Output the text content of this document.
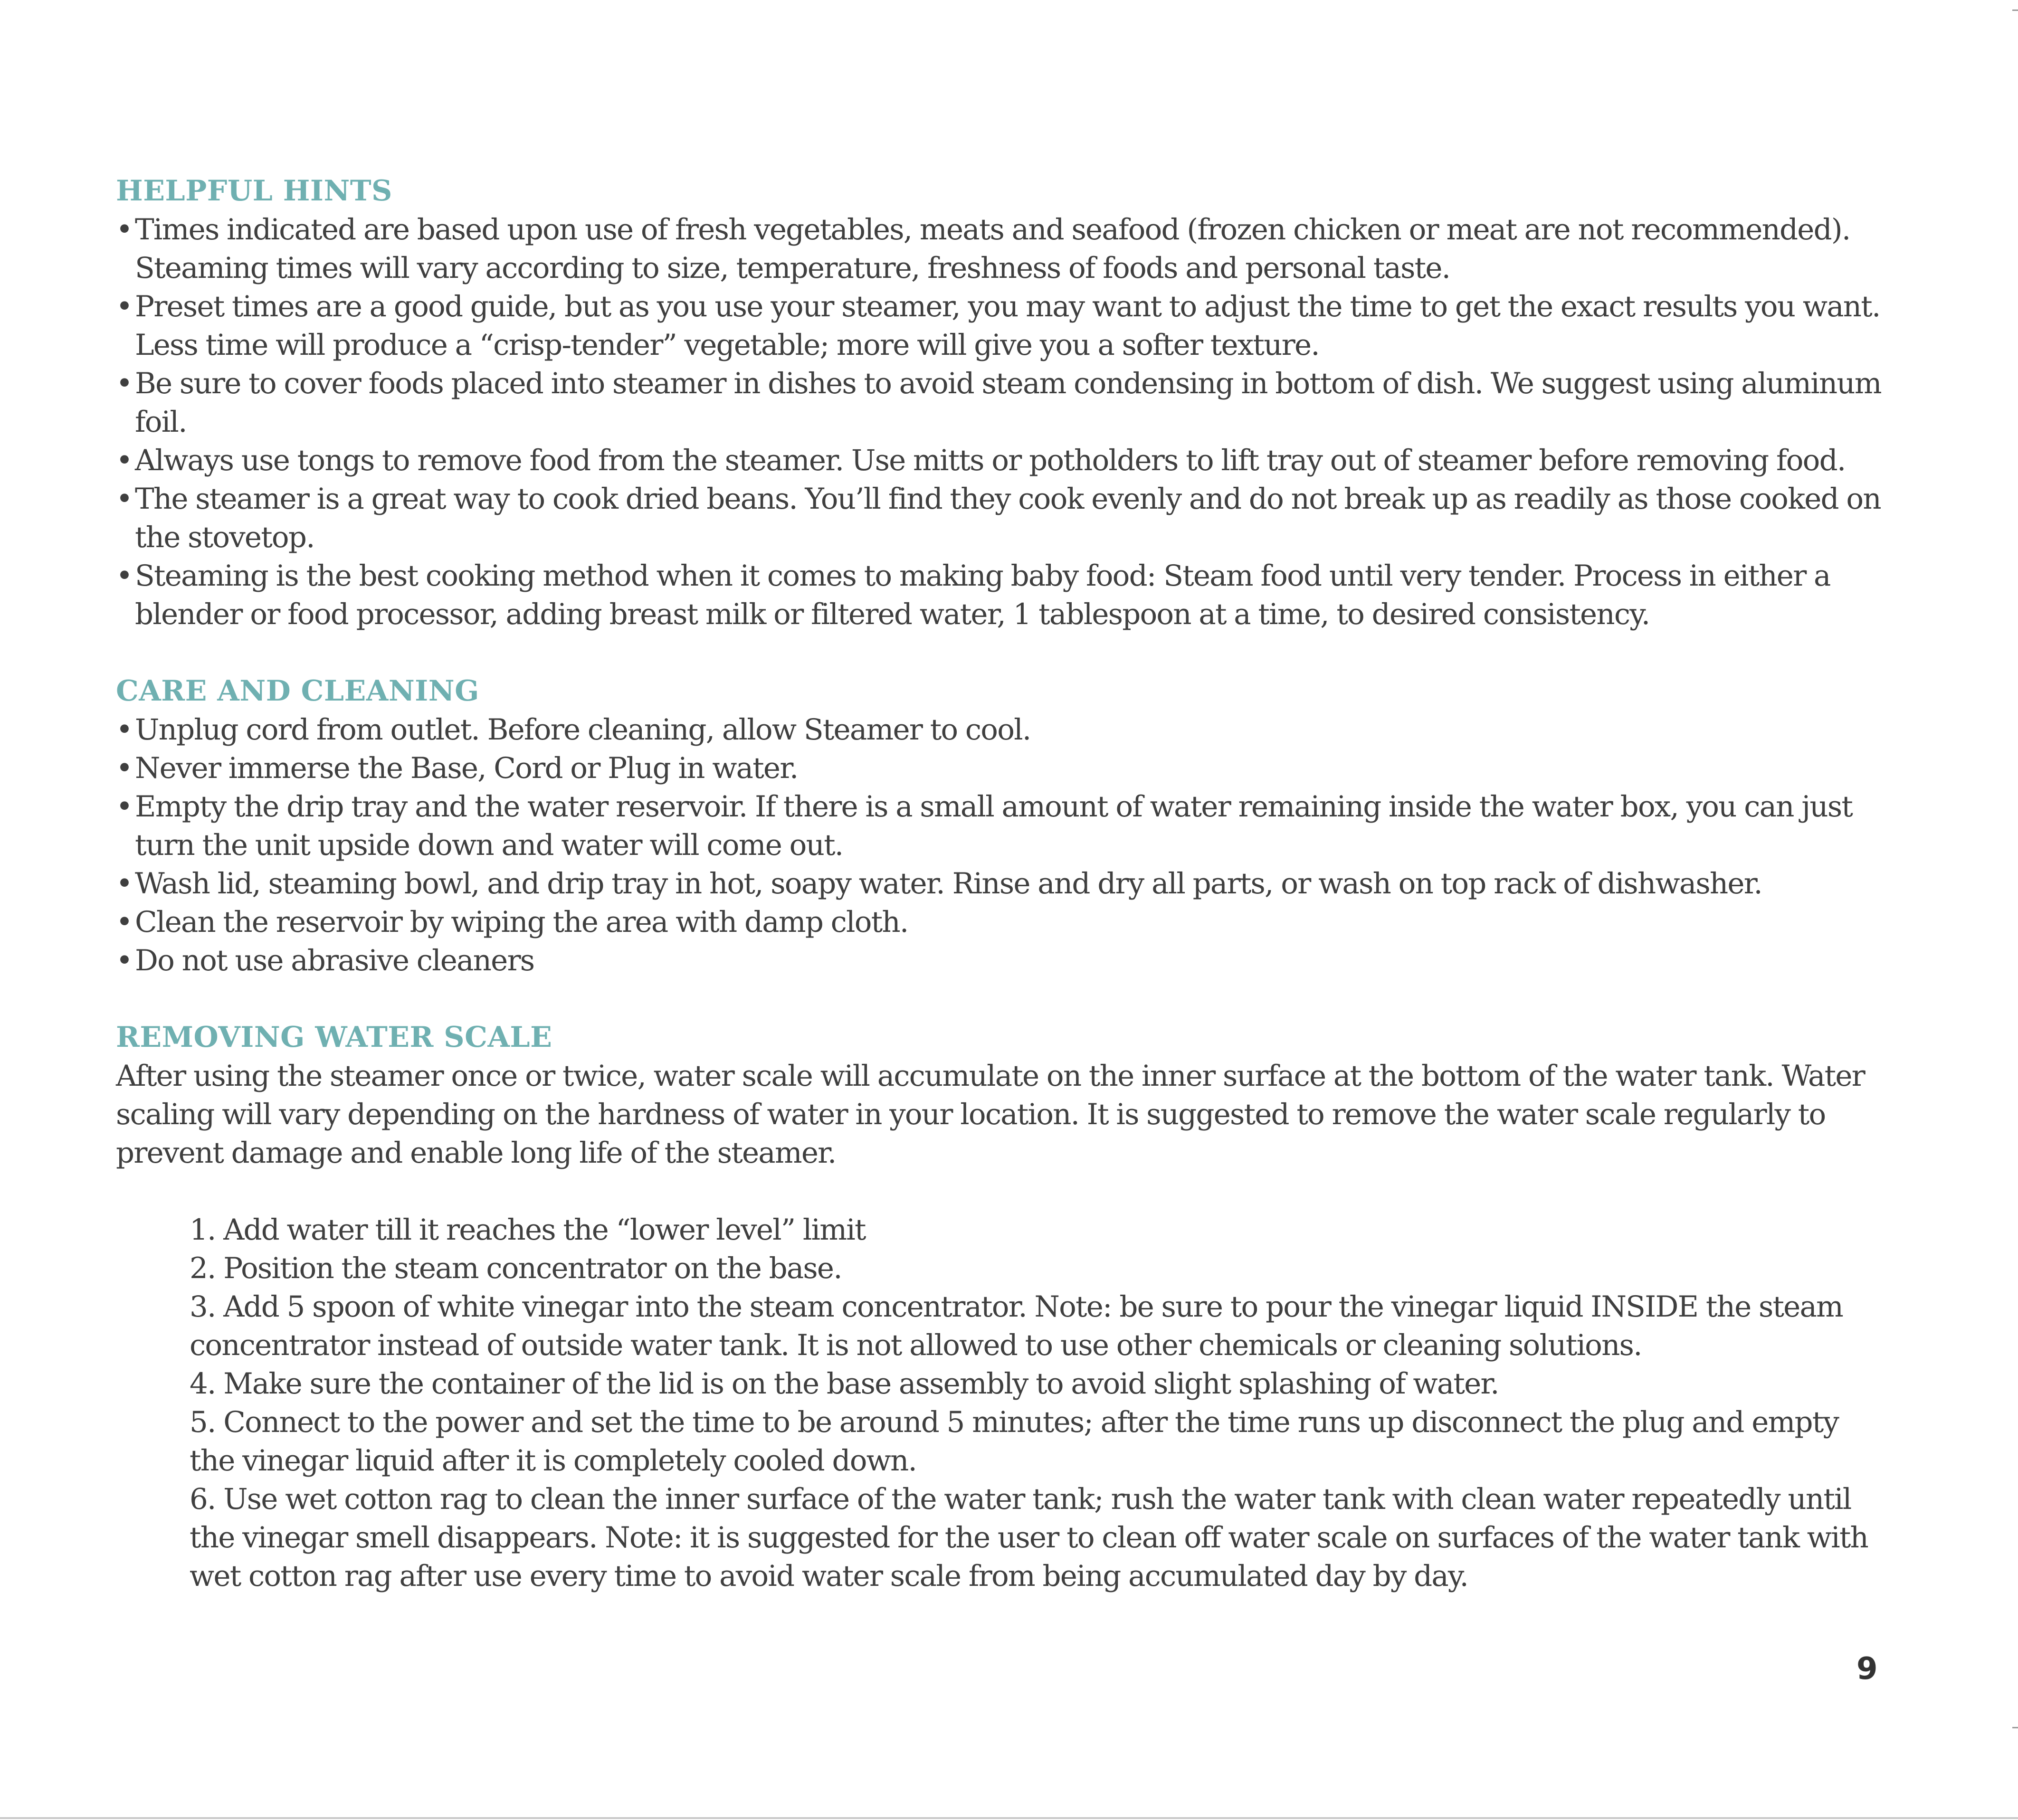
HELPFUL HINTS
• Times indicated are based upon use of fresh vegetables, meats and seafood (frozen chicken or meat are not recommended). Steaming times will vary according to size, temperature, freshness of foods and personal taste.
• Preset times are a good guide, but as you use your steamer, you may want to adjust the time to get the exact results you want. Less time will produce a “crisp-tender” vegetable; more will give you a softer texture.
• Be sure to cover foods placed into steamer in dishes to avoid steam condensing in bottom of dish. We suggest using aluminum foil.
• Always use tongs to remove food from the steamer. Use mitts or potholders to lift tray out of steamer before removing food.
• The steamer is a great way to cook dried beans. You’ll find they cook evenly and do not break up as readily as those cooked on the stovetop.
• Steaming is the best cooking method when it comes to making baby food: Steam food until very tender. Process in either a blender or food processor, adding breast milk or filtered water, 1 tablespoon at a time, to desired consistency.
CARE AND CLEANING
• Unplug cord from outlet. Before cleaning, allow Steamer to cool.
• Never immerse the Base, Cord or Plug in water.
• Empty the drip tray and the water reservoir. If there is a small amount of water remaining inside the water box, you can just turn the unit upside down and water will come out.
• Wash lid, steaming bowl, and drip tray in hot, soapy water. Rinse and dry all parts, or wash on top rack of dishwasher.
• Clean the reservoir by wiping the area with damp cloth.
• Do not use abrasive cleaners
REMOVING WATER SCALE

After using the steamer once or twice, water scale will accumulate on the inner surface at the bottom of the water tank. Water scaling will vary depending on the hardness of water in your location. It is suggested to remove the water scale regularly to prevent damage and enable long life of the steamer.

1. Add water till it reaches the “lower level” limit
2. Position the steam concentrator on the base.
3. Add 5 spoon of white vinegar into the steam concentrator. Note: be sure to pour the vinegar liquid INSIDE the steam concentrator instead of outside water tank. It is not allowed to use other chemicals or cleaning solutions.
4. Make sure the container of the lid is on the base assembly to avoid slight splashing of water.
5. Connect to the power and set the time to be around 5 minutes; after the time runs up disconnect the plug and empty the vinegar liquid after it is completely cooled down.
6. Use wet cotton rag to clean the inner surface of the water tank; rush the water tank with clean water repeatedly until the vinegar smell disappears. Note: it is suggested for the user to clean off water scale on surfaces of the water tank with wet cotton rag after use every time to avoid water scale from being accumulated day by day.
9
